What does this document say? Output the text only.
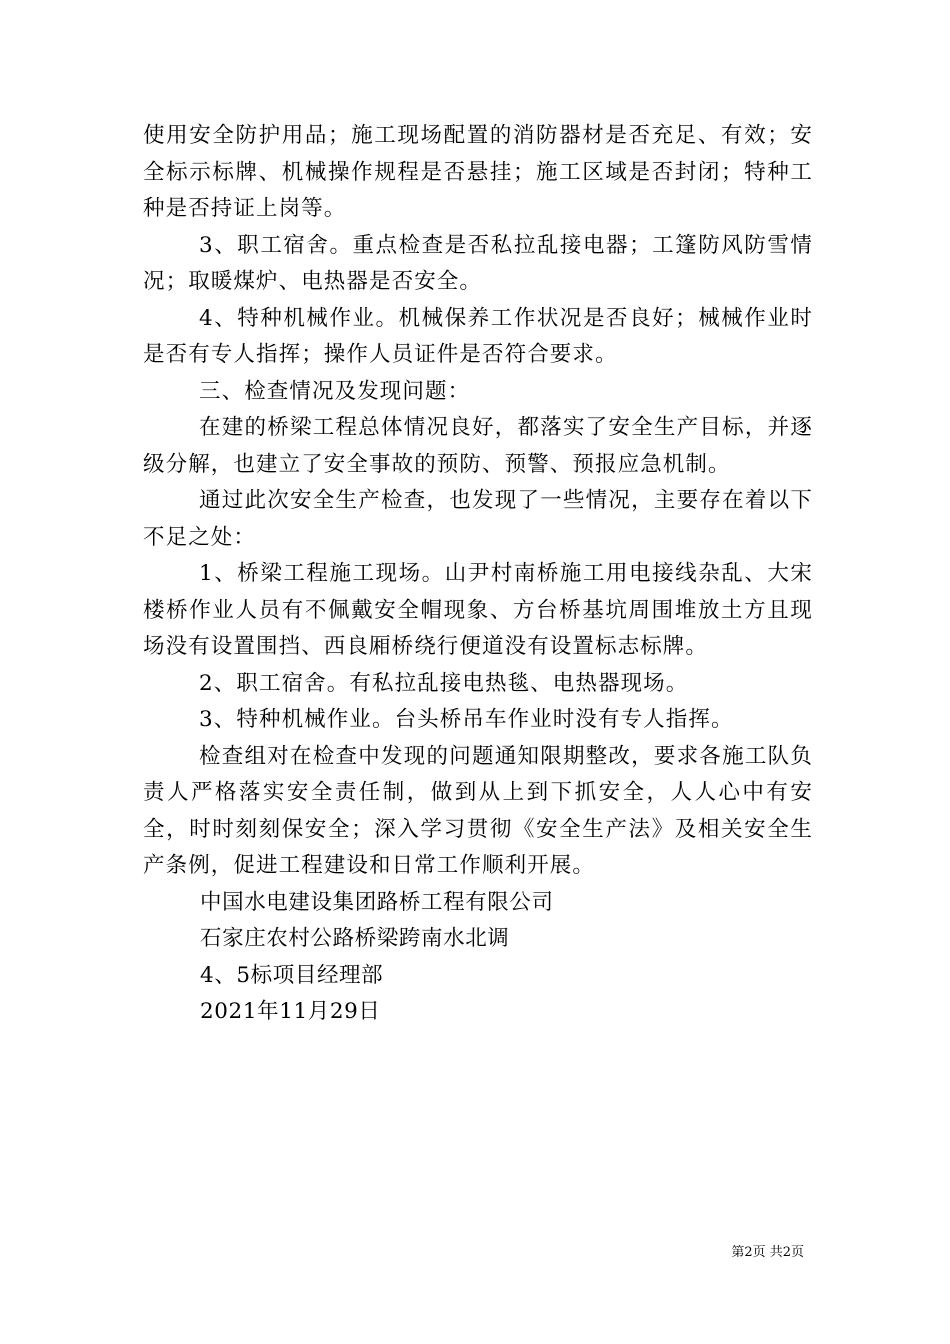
使用安全防护用品；施工现场配置的消防器材是否充足、有效；安全标示标牌、机械操作规程是否悬挂；施工区域是否封闭；特种工种是否持证上岗等。

3、职工宿舍。重点检查是否私拉乱接电器；工篷防风防雪情况；取暖煤炉、电热器是否安全。

4、特种机械作业。机械保养工作状况是否良好；械械作业时是否有专人指挥；操作人员证件是否符合要求。

三、检查情况及发现问题：

在建的桥梁工程总体情况良好，都落实了安全生产目标，并逐级分解，也建立了安全事故的预防、预警、预报应急机制。

通过此次安全生产检查，也发现了一些情况，主要存在着以下不足之处：

1、桥梁工程施工现场。山尹村南桥施工用电接线杂乱、大宋楼桥作业人员有不佩戴安全帽现象、方台桥基坑周围堆放土方且现场没有设置围挡、西良厢桥绕行便道没有设置标志标牌。

2、职工宿舍。有私拉乱接电热毯、电热器现场。

3、特种机械作业。台头桥吊车作业时没有专人指挥。

检查组对在检查中发现的问题通知限期整改，要求各施工队负责人严格落实安全责任制，做到从上到下抓安全，人人心中有安全，时时刻刻保安全；深入学习贯彻《安全生产法》及相关安全生产条例，促进工程建设和日常工作顺利开展。

中国水电建设集团路桥工程有限公司

石家庄农村公路桥梁跨南水北调

4、5标项目经理部

2021年11月29日

第2页 共2页
